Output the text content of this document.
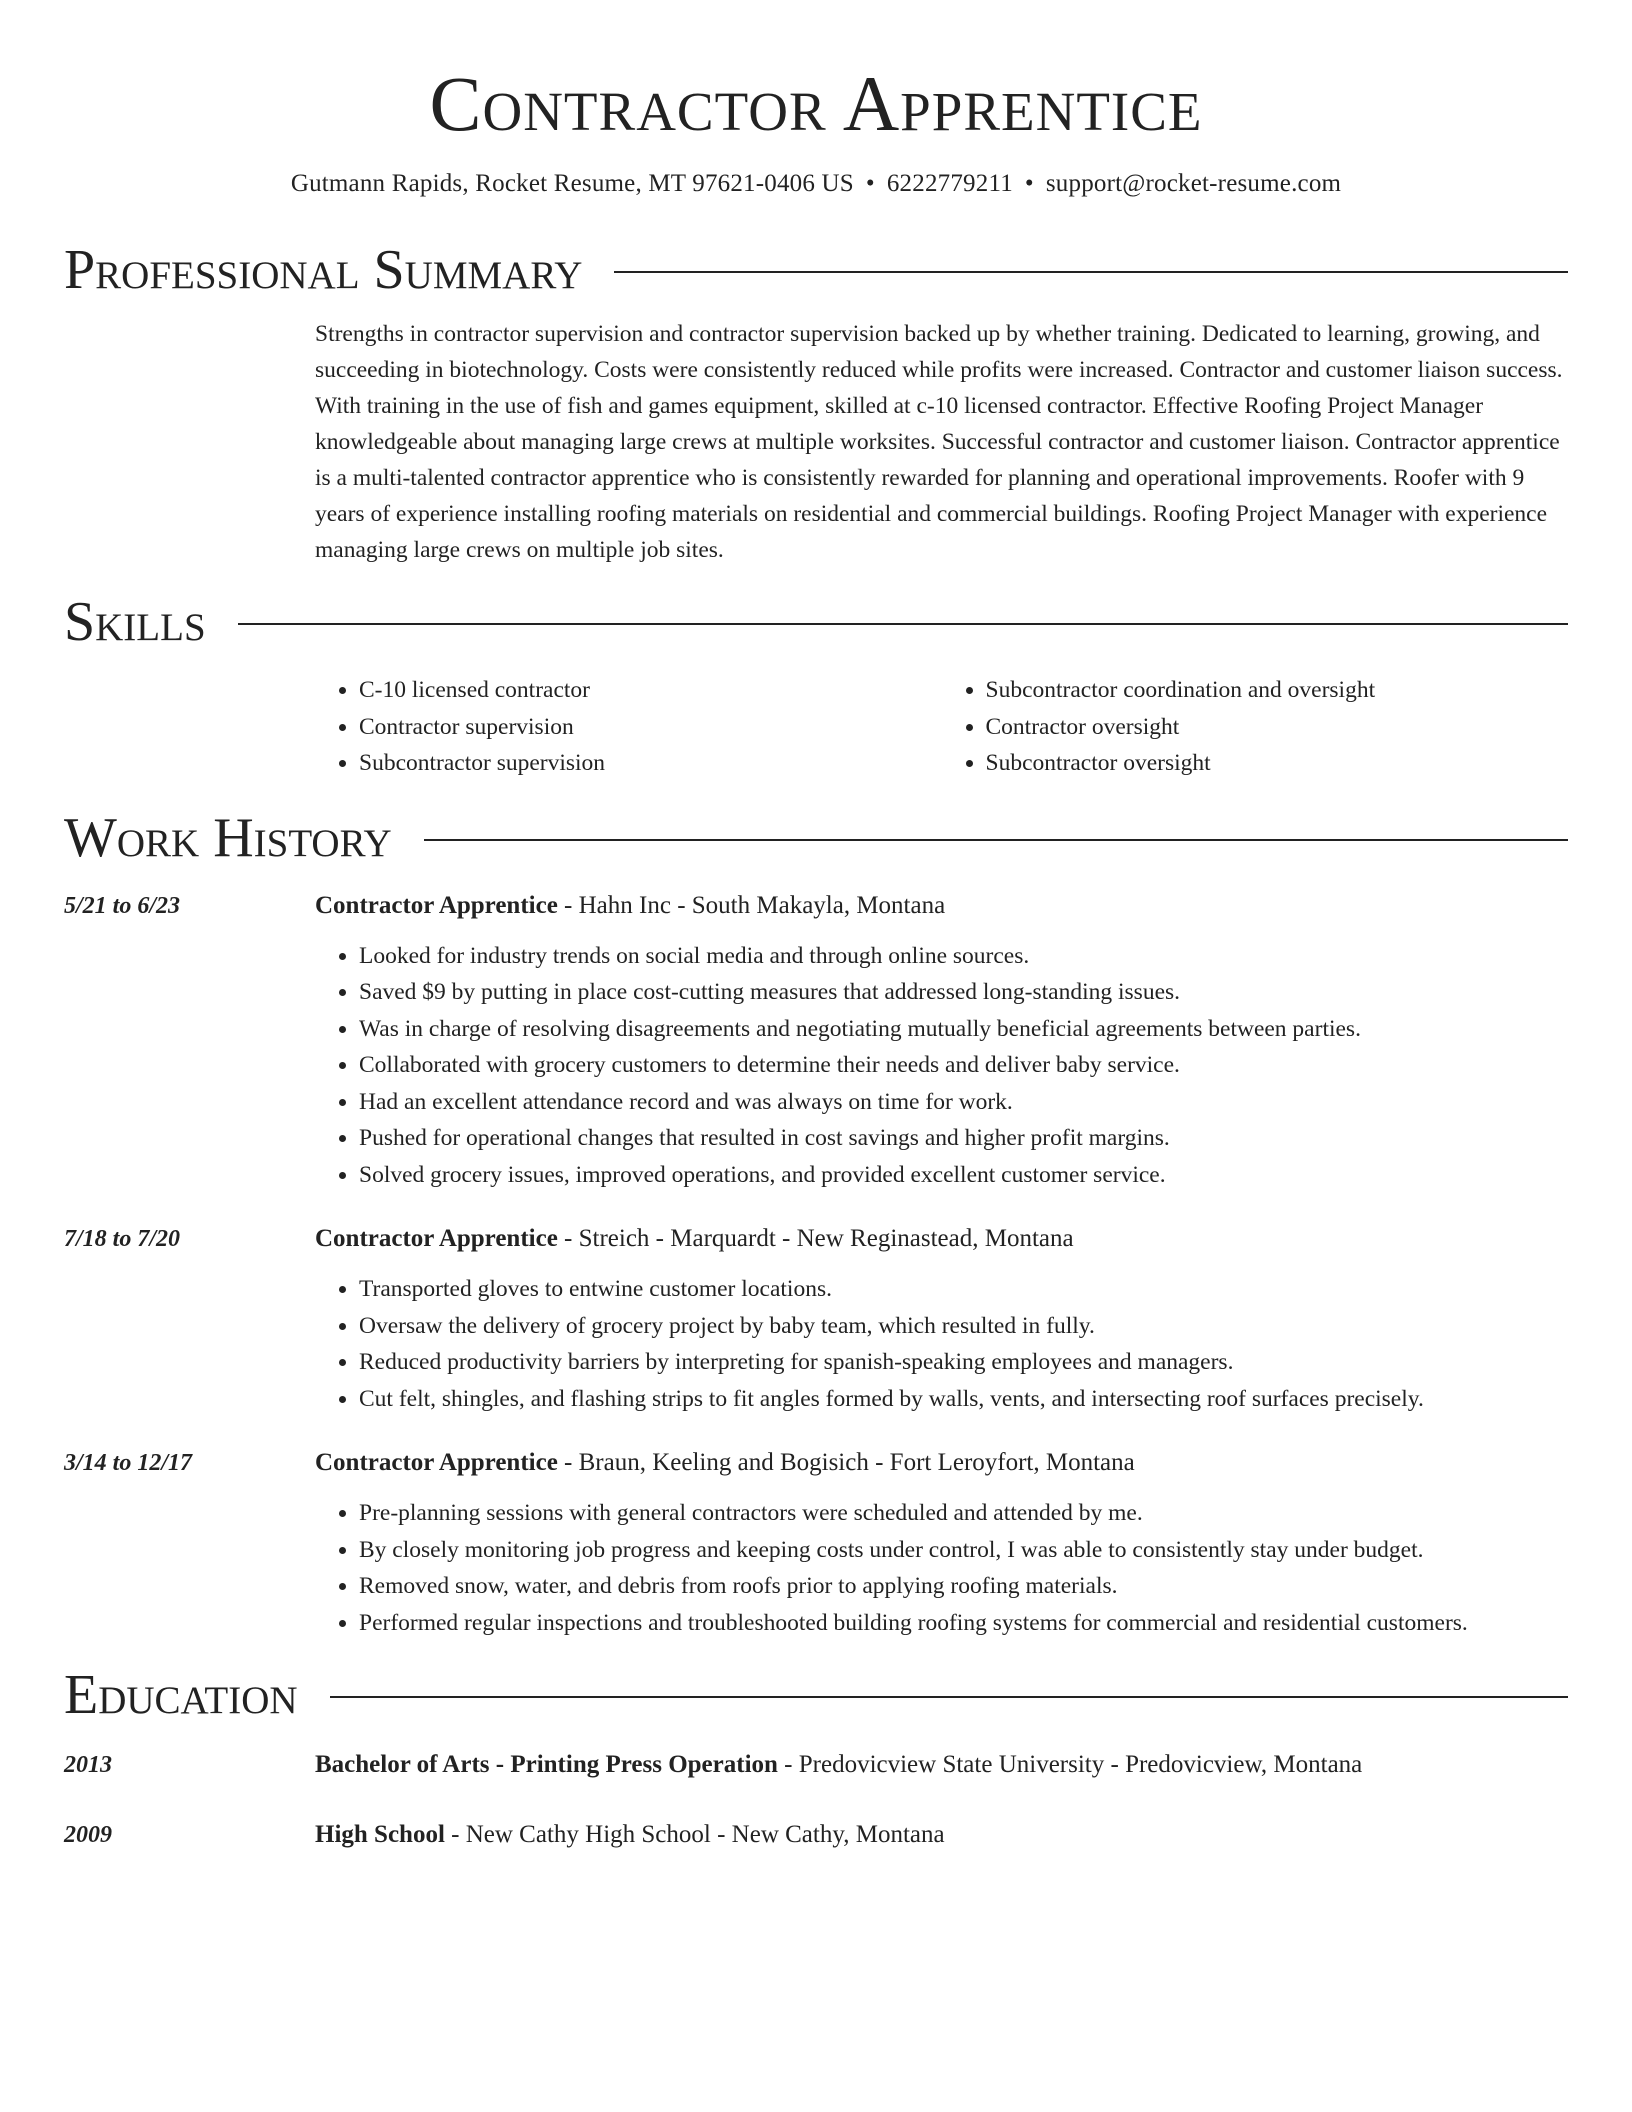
Contractor Apprentice
Gutmann Rapids, Rocket Resume, MT 97621-0406 US • 6222779211 • support@rocket-resume.com
Professional Summary

Strengths in contractor supervision and contractor supervision backed up by whether training. Dedicated to learning, growing, and succeeding in biotechnology. Costs were consistently reduced while profits were increased. Contractor and customer liaison success. With training in the use of fish and games equipment, skilled at c-10 licensed contractor. Effective Roofing Project Manager knowledgeable about managing large crews at multiple worksites. Successful contractor and customer liaison. Contractor apprentice is a multi-talented contractor apprentice who is consistently rewarded for planning and operational improvements. Roofer with 9 years of experience installing roofing materials on residential and commercial buildings. Roofing Project Manager with experience managing large crews on multiple job sites.

Skills
• C-10 licensed contractor
• Contractor supervision
• Subcontractor supervision
• Subcontractor coordination and oversight
• Contractor oversight
• Subcontractor oversight
Work History
5/21 to 6/23	Contractor Apprentice - Hahn Inc - South Makayla, Montana
• Looked for industry trends on social media and through online sources.
• Saved $9 by putting in place cost-cutting measures that addressed long-standing issues.
• Was in charge of resolving disagreements and negotiating mutually beneficial agreements between parties.
• Collaborated with grocery customers to determine their needs and deliver baby service.
• Had an excellent attendance record and was always on time for work.
• Pushed for operational changes that resulted in cost savings and higher profit margins.
• Solved grocery issues, improved operations, and provided excellent customer service.
7/18 to 7/20	Contractor Apprentice - Streich - Marquardt - New Reginastead, Montana
• Transported gloves to entwine customer locations.
• Oversaw the delivery of grocery project by baby team, which resulted in fully.
• Reduced productivity barriers by interpreting for spanish-speaking employees and managers.
• Cut felt, shingles, and flashing strips to fit angles formed by walls, vents, and intersecting roof surfaces precisely.
3/14 to 12/17	Contractor Apprentice - Braun, Keeling and Bogisich - Fort Leroyfort, Montana
• Pre-planning sessions with general contractors were scheduled and attended by me.
• By closely monitoring job progress and keeping costs under control, I was able to consistently stay under budget.
• Removed snow, water, and debris from roofs prior to applying roofing materials.
• Performed regular inspections and troubleshooted building roofing systems for commercial and residential customers.
Education
2013	Bachelor of Arts - Printing Press Operation - Predovicview State University - Predovicview, Montana
2009	High School - New Cathy High School - New Cathy, Montana
